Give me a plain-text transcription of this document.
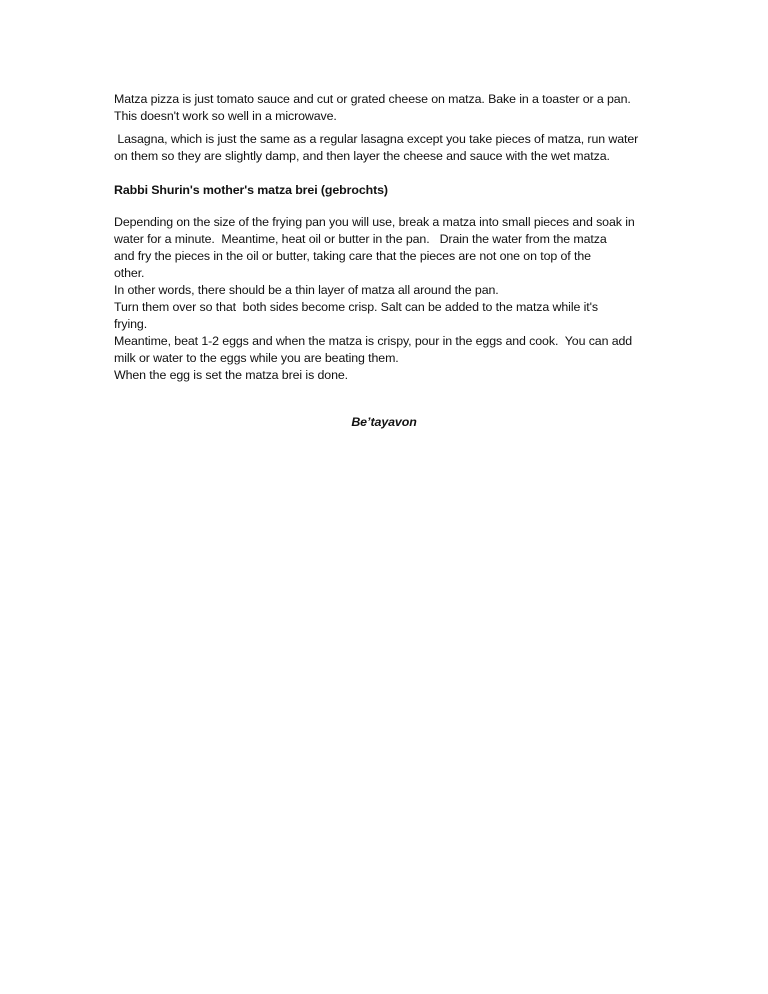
Matza pizza is just tomato sauce and cut or grated cheese on matza. Bake in a toaster or a pan.
This doesn't work so well in a microwave.
Lasagna, which is just the same as a regular lasagna except you take pieces of matza, run water
on them so they are slightly damp, and then layer the cheese and sauce with the wet matza.
Rabbi Shurin's mother's matza brei (gebrochts)
Depending on the size of the frying pan you will use, break a matza into small pieces and soak in
water for a minute.  Meantime, heat oil or butter in the pan.   Drain the water from the matza
and fry the pieces in the oil or butter, taking care that the pieces are not one on top of the
other.
In other words, there should be a thin layer of matza all around the pan.
Turn them over so that  both sides become crisp. Salt can be added to the matza while it's
frying.
Meantime, beat 1-2 eggs and when the matza is crispy, pour in the eggs and cook.  You can add
milk or water to the eggs while you are beating them.
When the egg is set the matza brei is done.
Be’tayavon
